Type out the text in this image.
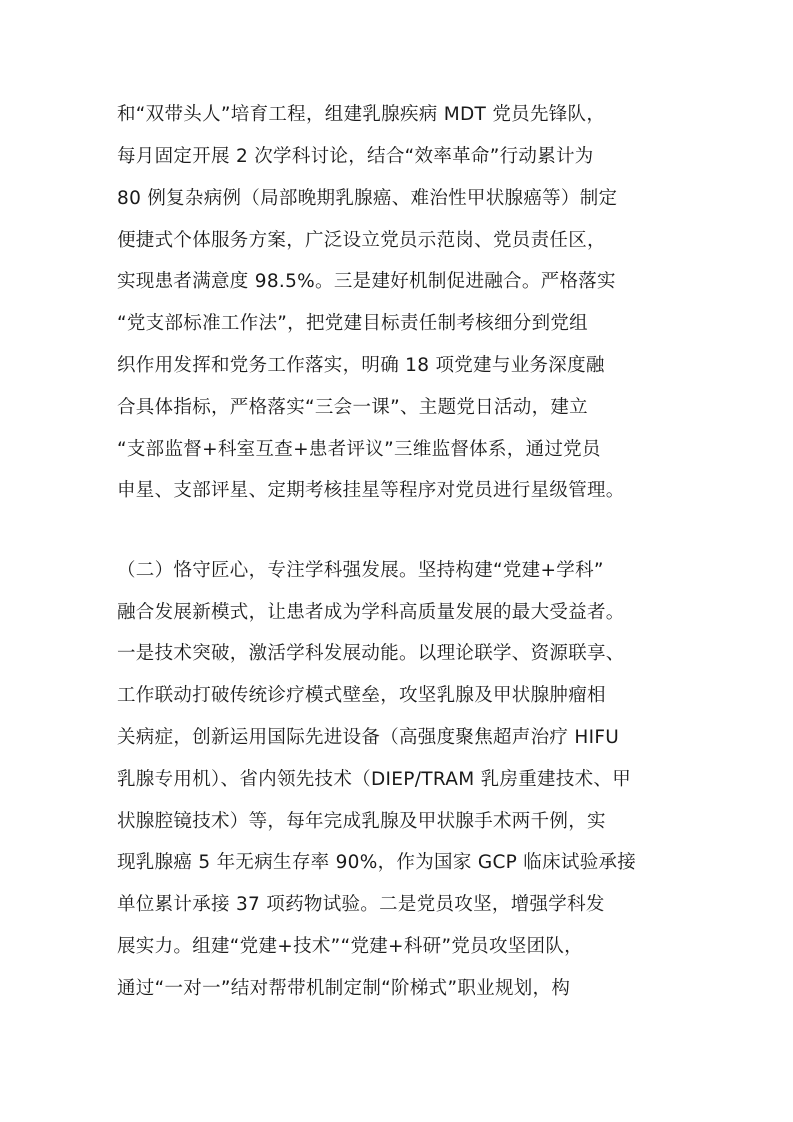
和“双带头人”培育工程，组建乳腺疾病 MDT 党员先锋队，
每月固定开展 2 次学科讨论，结合“效率革命”行动累计为
80 例复杂病例（局部晚期乳腺癌、难治性甲状腺癌等）制定
便捷式个体服务方案，广泛设立党员示范岗、党员责任区，
实现患者满意度 98.5%。三是建好机制促进融合。严格落实
“党支部标准工作法”，把党建目标责任制考核细分到党组
织作用发挥和党务工作落实，明确 18 项党建与业务深度融
合具体指标，严格落实“三会一课”、主题党日活动，建立
“支部监督+科室互查+患者评议”三维监督体系，通过党员
申星、支部评星、定期考核挂星等程序对党员进行星级管理。
（二）恪守匠心，专注学科强发展。坚持构建“党建+学科”
融合发展新模式，让患者成为学科高质量发展的最大受益者。
一是技术突破，激活学科发展动能。以理论联学、资源联享、
工作联动打破传统诊疗模式壁垒，攻坚乳腺及甲状腺肿瘤相
关病症，创新运用国际先进设备（高强度聚焦超声治疗 HIFU
乳腺专用机）、省内领先技术（DIEP/TRAM 乳房重建技术、甲
状腺腔镜技术）等，每年完成乳腺及甲状腺手术两千例，实
现乳腺癌 5 年无病生存率 90%，作为国家 GCP 临床试验承接
单位累计承接 37 项药物试验。二是党员攻坚，增强学科发
展实力。组建“党建+技术”“党建+科研”党员攻坚团队，
通过“一对一”结对帮带机制定制“阶梯式”职业规划，构
